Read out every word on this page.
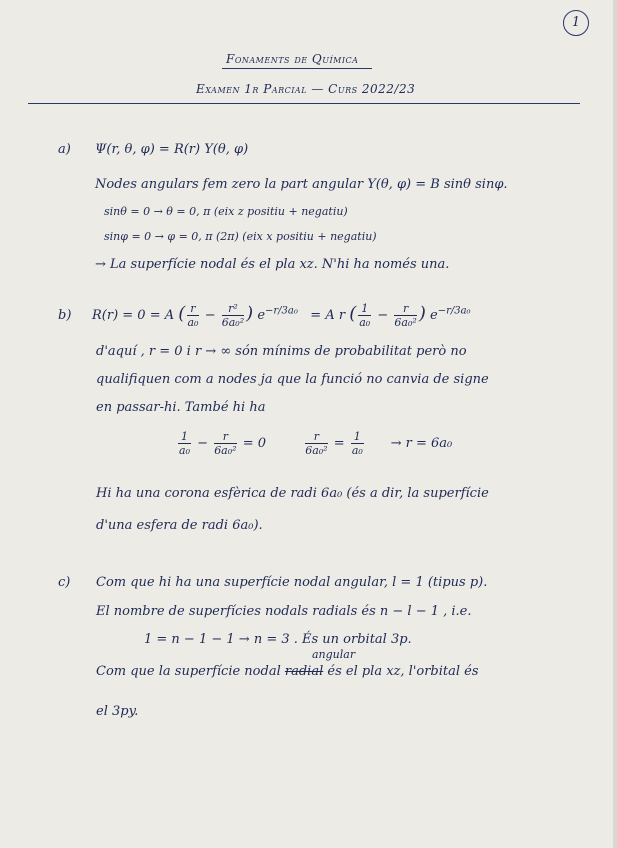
1
Fonaments de Química
Examen 1r Parcial — Curs 2022/23
a) Ψ(r, θ, φ) = R(r) Y(θ, φ)
Nodes angulars fem zero la part angular Y(θ, φ) = B sinθ sinφ.
sinθ = 0 → θ = 0, π (eix z positiu + negatiu)
sinφ = 0 → φ = 0, π (2π) (eix x positiu + negatiu)
→ La superfície nodal és el pla xz. N'hi ha només una.
b) R(r) = 0 = A ( $\frac{r}{\text{a₀}} - \frac{\text{r²}}{\text{6a₀²}}$ ) $e^{-r/3a_0} = A$ r ( $\frac{1}{\text{a₀}} - \frac{r}{\text{6a₀²}}$ ) $e^{-r/3a_0}$
d'aquí , r = 0 i r → ∞ són mínims de probabilitat però no
qualifiquen com a nodes ja que la funció no canvia de signe
en passar-hi. També hi ha
$\frac{1}{\text{a₀}} - \frac{r}{\text{6a₀²}} = 0$	$\frac{r}{\text{6a₀²}} = \frac{1}{\text{a₀}} \to r = 6a_0$
Hi ha una corona esfèrica de radi 6a₀ (és a dir, la superfície
d'una esfera de radi 6a₀).
c) Com que hi ha una superfície nodal angular, l = 1 (tipus p).
El nombre de superfícies nodals radials és n − l − 1 , i.e.
1 = n − 1 − 1 → n = 3 . És un orbital 3p.
angular
Com que la superfície nodal radial és el pla xz, l'orbital és
el 3py.
